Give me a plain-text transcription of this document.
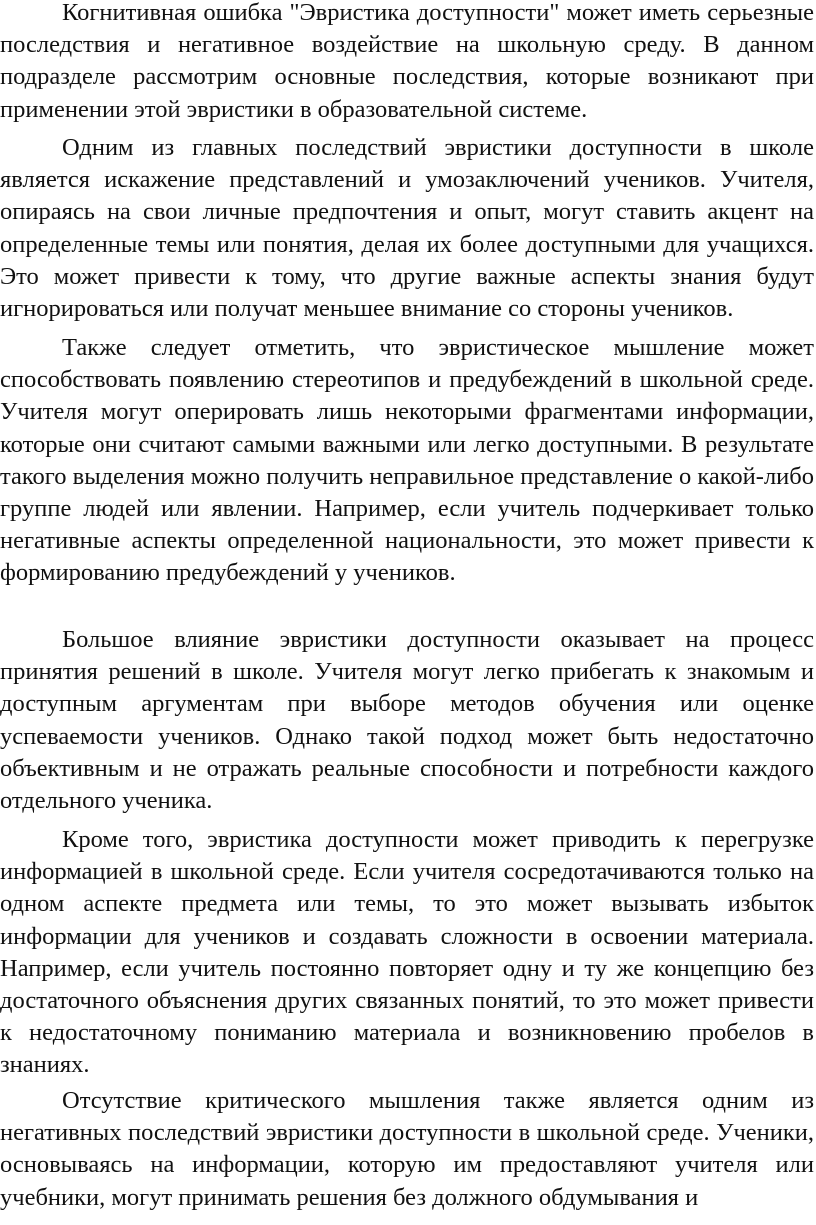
Когнитивная ошибка "Эвристика доступности" может иметь серьезные последствия и негативное воздействие на школьную среду. В данном подразделе рассмотрим основные последствия, которые возникают при применении этой эвристики в образовательной системе.

Одним из главных последствий эвристики доступности в школе является искажение представлений и умозаключений учеников. Учителя, опираясь на свои личные предпочтения и опыт, могут ставить акцент на определенные темы или понятия, делая их более доступными для учащихся. Это может привести к тому, что другие важные аспекты знания будут игнорироваться или получат меньшее внимание со стороны учеников.

Также следует отметить, что эвристическое мышление может способствовать появлению стереотипов и предубеждений в школьной среде. Учителя могут оперировать лишь некоторыми фрагментами информации, которые они считают самыми важными или легко доступными. В результате такого выделения можно получить неправильное представление о какой-либо группе людей или явлении. Например, если учитель подчеркивает только негативные аспекты определенной национальности, это может привести к формированию предубеждений у учеников.

Большое влияние эвристики доступности оказывает на процесс принятия решений в школе. Учителя могут легко прибегать к знакомым и доступным аргументам при выборе методов обучения или оценке успеваемости учеников. Однако такой подход может быть недостаточно объективным и не отражать реальные способности и потребности каждого отдельного ученика.

Кроме того, эвристика доступности может приводить к перегрузке информацией в школьной среде. Если учителя сосредотачиваются только на одном аспекте предмета или темы, то это может вызывать избыток информации для учеников и создавать сложности в освоении материала. Например, если учитель постоянно повторяет одну и ту же концепцию без достаточного объяснения других связанных понятий, то это может привести к недостаточному пониманию материала и возникновению пробелов в знаниях.

Отсутствие критического мышления также является одним из негативных последствий эвристики доступности в школьной среде. Ученики, основываясь на информации, которую им предоставляют учителя или учебники, могут принимать решения без должного обдумывания и
